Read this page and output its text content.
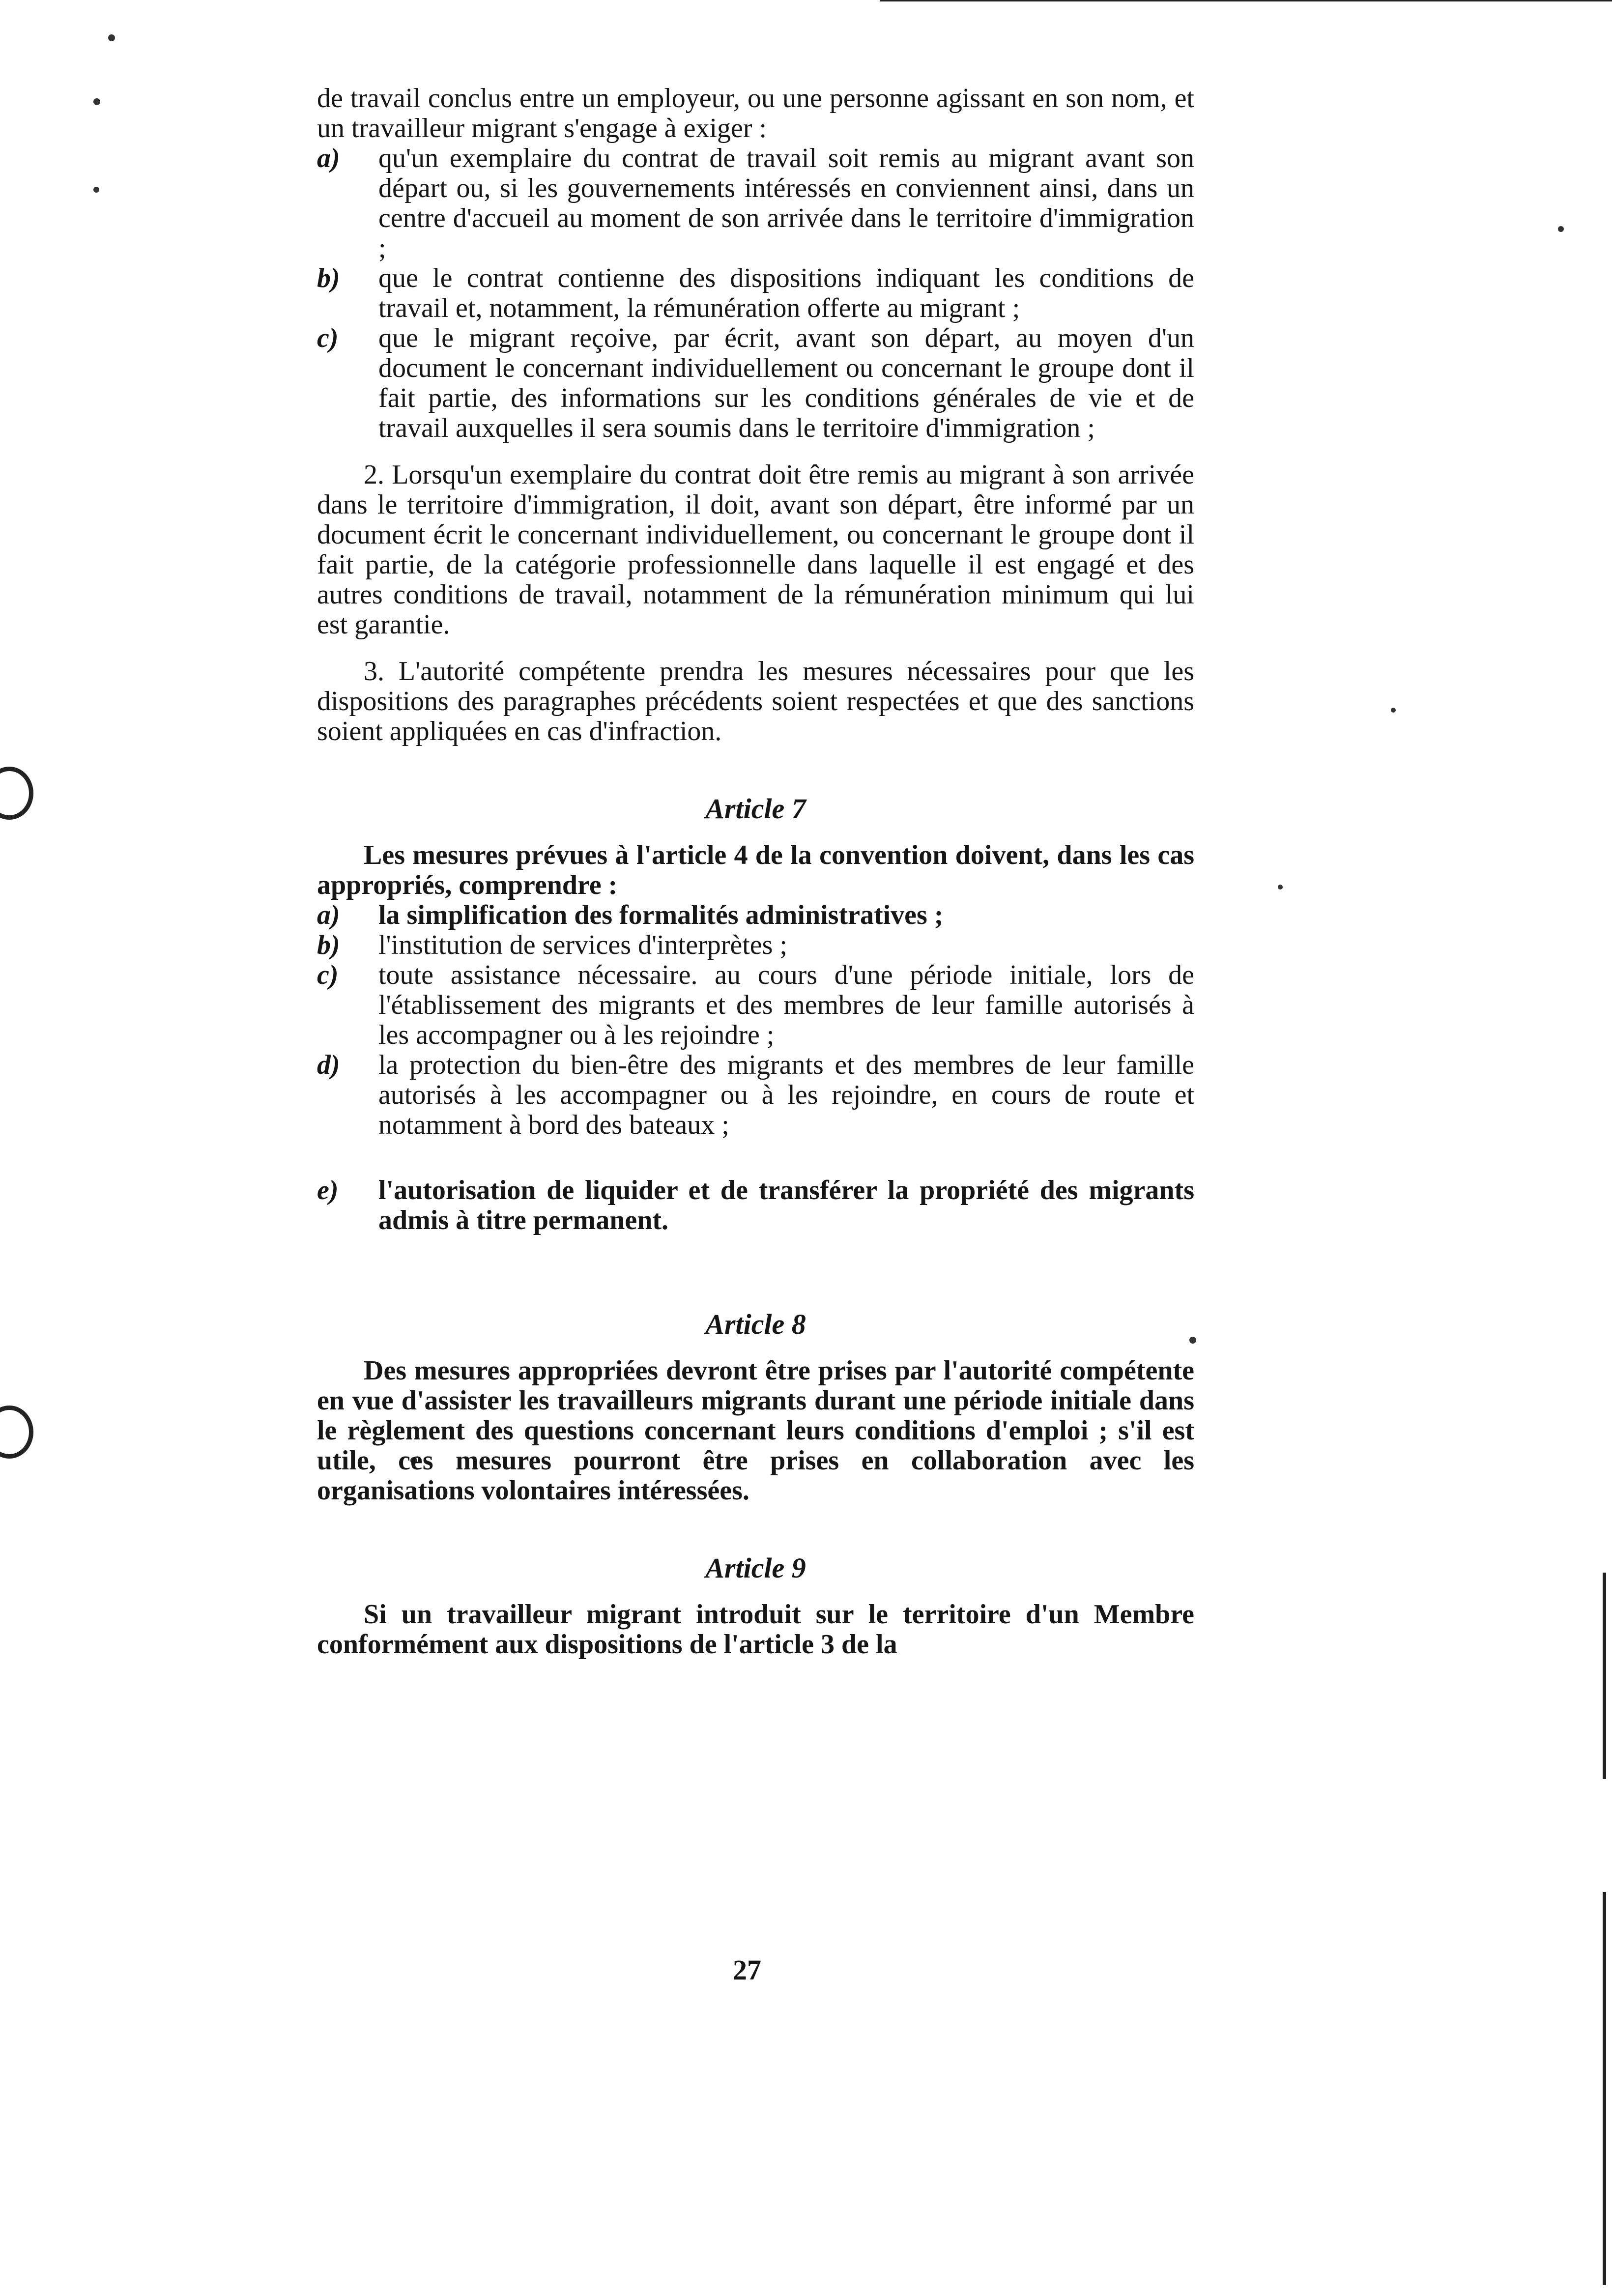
de travail conclus entre un employeur, ou une personne agissant en son nom, et un travailleur migrant s'engage à exiger :

a) qu'un exemplaire du contrat de travail soit remis au migrant avant son départ ou, si les gouvernements intéressés en conviennent ainsi, dans un centre d'accueil au moment de son arrivée dans le territoire d'immigration ;
b) que le contrat contienne des dispositions indiquant les conditions de travail et, notamment, la rémunération offerte au migrant ;
c) que le migrant reçoive, par écrit, avant son départ, au moyen d'un document le concernant individuellement ou concernant le groupe dont il fait partie, des informations sur les conditions générales de vie et de travail auxquelles il sera soumis dans le territoire d'immigration ;

2. Lorsqu'un exemplaire du contrat doit être remis au migrant à son arrivée dans le territoire d'immigration, il doit, avant son départ, être informé par un document écrit le concernant individuellement, ou concernant le groupe dont il fait partie, de la catégorie professionnelle dans laquelle il est engagé et des autres conditions de travail, notamment de la rémunération minimum qui lui est garantie.

3. L'autorité compétente prendra les mesures nécessaires pour que les dispositions des paragraphes précédents soient respectées et que des sanctions soient appliquées en cas d'infraction.

Article 7

Les mesures prévues à l'article 4 de la convention doivent, dans les cas appropriés, comprendre :

a) la simplification des formalités administratives ;
b) l'institution de services d'interprètes ;
c) toute assistance nécessaire. au cours d'une période initiale, lors de l'établissement des migrants et des membres de leur famille autorisés à les accompagner ou à les rejoindre ;
d) la protection du bien-être des migrants et des membres de leur famille autorisés à les accompagner ou à les rejoindre, en cours de route et notamment à bord des bateaux ;
e) l'autorisation de liquider et de transférer la propriété des migrants admis à titre permanent.

Article 8

Des mesures appropriées devront être prises par l'autorité compétente en vue d'assister les travailleurs migrants durant une période initiale dans le règlement des questions concernant leurs conditions d'emploi ; s'il est utile, ces mesures pourront être prises en collaboration avec les organisations volontaires intéressées.

Article 9

Si un travailleur migrant introduit sur le territoire d'un Membre conformément aux dispositions de l'article 3 de la

27
